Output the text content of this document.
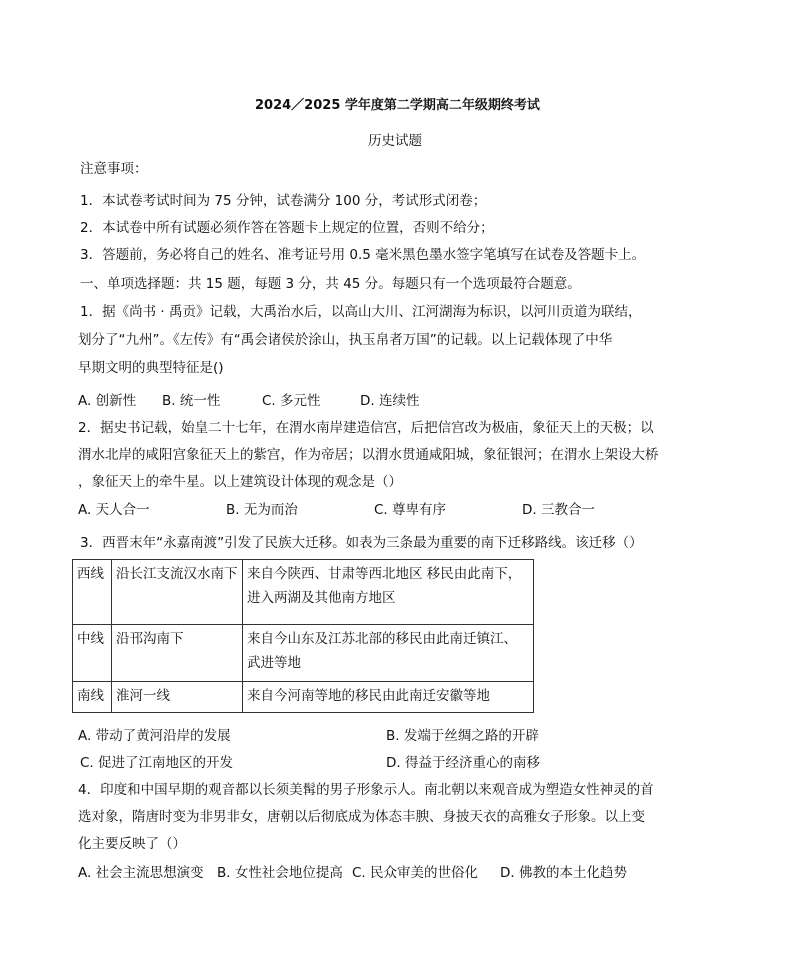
2024／2025 学年度第二学期高二年级期终考试
历史试题
注意事项：
1．本试卷考试时间为 75 分钟，试卷满分 100 分，考试形式闭卷；
2．本试卷中所有试题必须作答在答题卡上规定的位置，否则不给分；
3．答题前，务必将自己的姓名、准考证号用 0.5 毫米黑色墨水签字笔填写在试卷及答题卡上。
一、单项选择题：共 15 题，每题 3 分，共 45 分。每题只有一个选项最符合题意。
1．据《尚书 · 禹贡》记载，大禹治水后，以高山大川、江河湖海为标识，以河川贡道为联结，
划分了“九州”。《左传》有“禹会诸侯於涂山，执玉帛者万国”的记载。以上记载体现了中华
早期文明的典型特征是()
A. 创新性 B. 统一性	C. 多元性	D. 连续性
2．据史书记载，始皇二十七年，在渭水南岸建造信宫，后把信宫改为极庙，象征天上的天极；以
渭水北岸的咸阳宫象征天上的紫宫，作为帝居；以渭水贯通咸阳城，象征银河；在渭水上架设大桥
，象征天上的牵牛星。以上建筑设计体现的观念是（）
A. 天人合一	B. 无为而治	C. 尊卑有序	D. 三教合一
3．西晋末年“永嘉南渡”引发了民族大迁移。如表为三条最为重要的南下迁移路线。该迁移（）
西线	沿长江支流汉水南下	来自今陕西、甘肃等西北地区 移民由此南下，进入两湖及其他南方地区
中线	沿邗沟南下	来自今山东及江苏北部的移民由此南迁镇江、武进等地
南线	淮河一线	来自今河南等地的移民由此南迁安徽等地
A. 带动了黄河沿岸的发展	B. 发端于丝绸之路的开辟
C. 促进了江南地区的开发	D. 得益于经济重心的南移
4．印度和中国早期的观音都以长须美髯的男子形象示人。南北朝以来观音成为塑造女性神灵的首
选对象，隋唐时变为非男非女，唐朝以后彻底成为体态丰腴、身披天衣的高雅女子形象。以上变
化主要反映了（）
A. 社会主流思想演变 B. 女性社会地位提高 C. 民众审美的世俗化 D. 佛教的本土化趋势
